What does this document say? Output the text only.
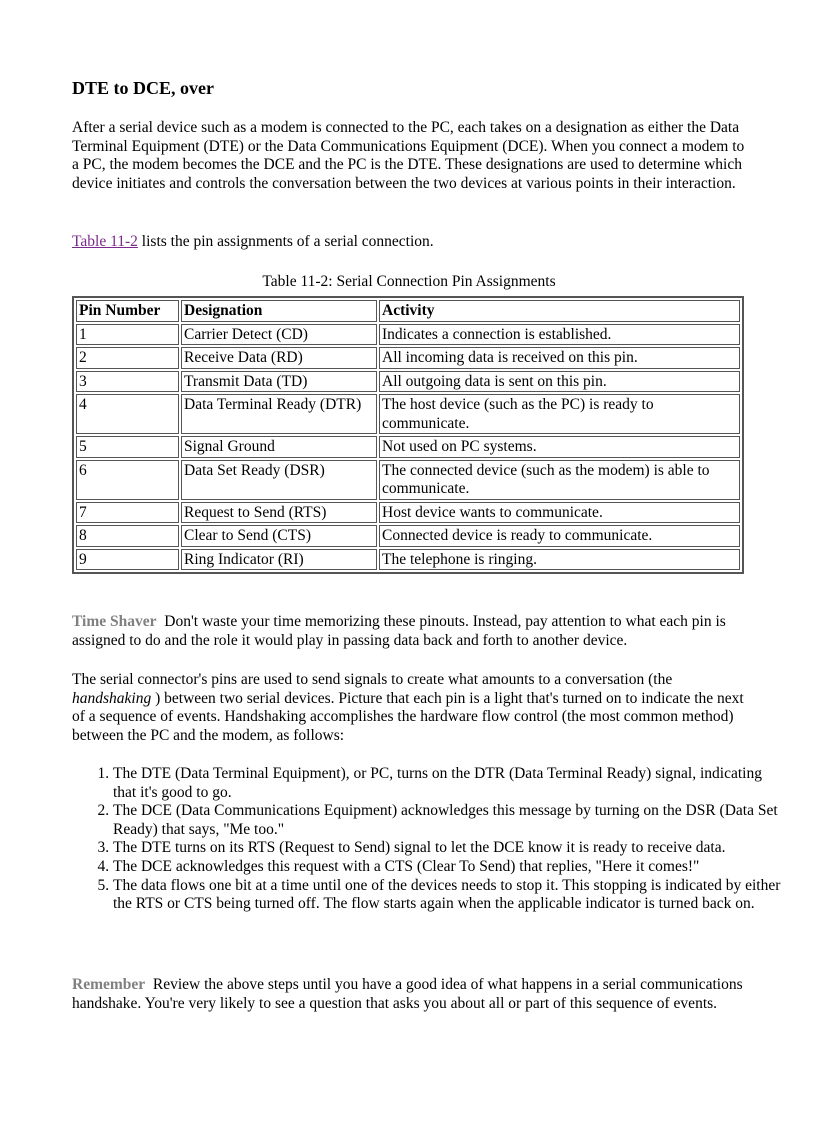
DTE to DCE, over

After a serial device such as a modem is connected to the PC, each takes on a designation as either the Data Terminal Equipment (DTE) or the Data Communications Equipment (DCE). When you connect a modem to a PC, the modem becomes the DCE and the PC is the DTE. These designations are used to determine which device initiates and controls the conversation between the two devices at various points in their interaction.

Table 11-2 lists the pin assignments of a serial connection.

Table 11-2: Serial Connection Pin Assignments
Pin Number	Designation	Activity
1	Carrier Detect (CD)	Indicates a connection is established.
2	Receive Data (RD)	All incoming data is received on this pin.
3	Transmit Data (TD)	All outgoing data is sent on this pin.
4	Data Terminal Ready (DTR)	The host device (such as the PC) is ready to communicate.
5	Signal Ground	Not used on PC systems.
6	Data Set Ready (DSR)	The connected device (such as the modem) is able to communicate.
7	Request to Send (RTS)	Host device wants to communicate.
8	Clear to Send (CTS)	Connected device is ready to communicate.
9	Ring Indicator (RI)	The telephone is ringing.

Time Shaver Don't waste your time memorizing these pinouts. Instead, pay attention to what each pin is assigned to do and the role it would play in passing data back and forth to another device.

The serial connector's pins are used to send signals to create what amounts to a conversation (the handshaking ) between two serial devices. Picture that each pin is a light that's turned on to indicate the next of a sequence of events. Handshaking accomplishes the hardware flow control (the most common method) between the PC and the modem, as follows:

1. The DTE (Data Terminal Equipment), or PC, turns on the DTR (Data Terminal Ready) signal, indicating that it's good to go.
2. The DCE (Data Communications Equipment) acknowledges this message by turning on the DSR (Data Set Ready) that says, "Me too."
3. The DTE turns on its RTS (Request to Send) signal to let the DCE know it is ready to receive data.
4. The DCE acknowledges this request with a CTS (Clear To Send) that replies, "Here it comes!"
5. The data flows one bit at a time until one of the devices needs to stop it. This stopping is indicated by either the RTS or CTS being turned off. The flow starts again when the applicable indicator is turned back on.

Remember Review the above steps until you have a good idea of what happens in a serial communications handshake. You're very likely to see a question that asks you about all or part of this sequence of events.
